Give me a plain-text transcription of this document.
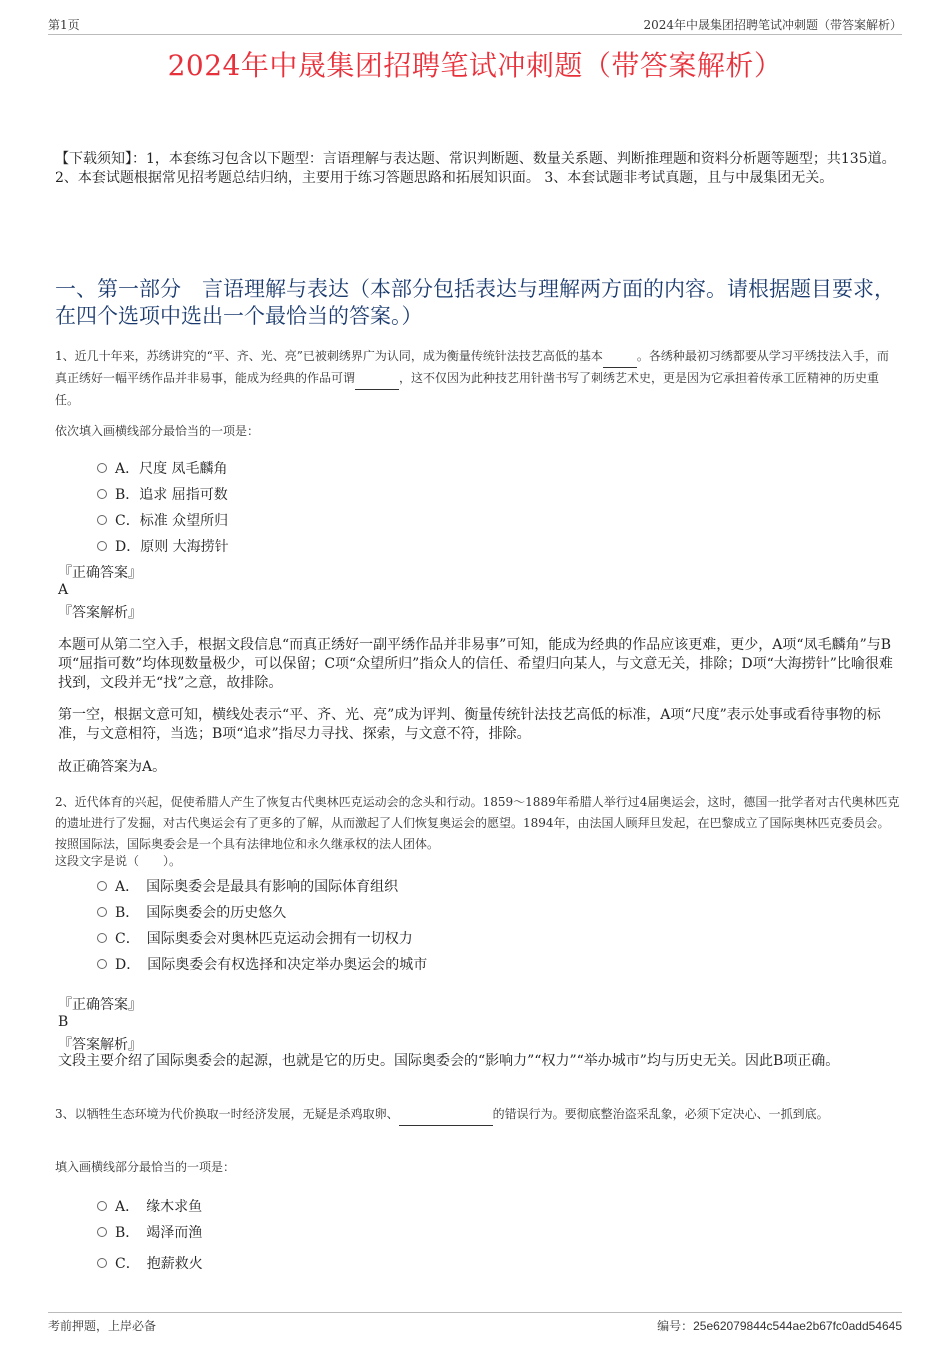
第1页	2024年中晟集团招聘笔试冲刺题（带答案解析）
2024年中晟集团招聘笔试冲刺题（带答案解析）
【下载须知】：1，本套练习包含以下题型：言语理解与表达题、常识判断题、数量关系题、判断推理题和资料分析题等题型；共135道。 2、本套试题根据常见招考题总结归纳，主要用于练习答题思路和拓展知识面。 3、本套试题非考试真题，且与中晟集团无关。
一、第一部分　言语理解与表达（本部分包括表达与理解两方面的内容。请根据题目要求，在四个选项中选出一个最恰当的答案。）
1、近几十年来，苏绣讲究的“平、齐、光、亮”已被刺绣界广为认同，成为衡量传统针法技艺高低的基本	。各绣种最初习绣都要从学习平绣技法入手，而真正绣好一幅平绣作品并非易事，能成为经典的作品可谓	，这不仅因为此种技艺用针凿书写了刺绣艺术史，更是因为它承担着传承工匠精神的历史重任。
依次填入画横线部分最恰当的一项是：
A．尺度 凤毛麟角
B．追求 屈指可数
C．标准 众望所归
D．原则 大海捞针
『正确答案』
A
『答案解析』
本题可从第二空入手，根据文段信息“而真正绣好一副平绣作品并非易事”可知，能成为经典的作品应该更难，更少，A项“凤毛麟角”与B项“屈指可数”均体现数量极少，可以保留；C项“众望所归”指众人的信任、希望归向某人，与文意无关，排除；D项“大海捞针”比喻很难找到，文段并无“找”之意，故排除。
第一空，根据文意可知，横线处表示“平、齐、光、亮”成为评判、衡量传统针法技艺高低的标准，A项“尺度”表示处事或看待事物的标准，与文意相符，当选；B项“追求”指尽力寻找、探索，与文意不符，排除。
故正确答案为A。
2、近代体育的兴起，促使希腊人产生了恢复古代奥林匹克运动会的念头和行动。1859～1889年希腊人举行过4届奥运会，这时，德国一批学者对古代奥林匹克的遗址进行了发掘，对古代奥运会有了更多的了解，从而激起了人们恢复奥运会的愿望。1894年，由法国人顾拜旦发起，在巴黎成立了国际奥林匹克委员会。按照国际法，国际奥委会是一个具有法律地位和永久继承权的法人团体。
这段文字是说（　　）。
A．　国际奥委会是最具有影响的国际体育组织
B．　国际奥委会的历史悠久
C．　国际奥委会对奥林匹克运动会拥有一切权力
D．　国际奥委会有权选择和决定举办奥运会的城市
『正确答案』
B
『答案解析』
文段主要介绍了国际奥委会的起源，也就是它的历史。国际奥委会的“影响力”“权力”“举办城市”均与历史无关。因此B项正确。
3、以牺牲生态环境为代价换取一时经济发展，无疑是杀鸡取卵、	的错误行为。要彻底整治盗采乱象，必须下定决心、一抓到底。
填入画横线部分最恰当的一项是：
A．　缘木求鱼
B．　竭泽而渔
C．　抱薪救火
考前押题，上岸必备	编号：25e62079844c544ae2b67fc0add54645
